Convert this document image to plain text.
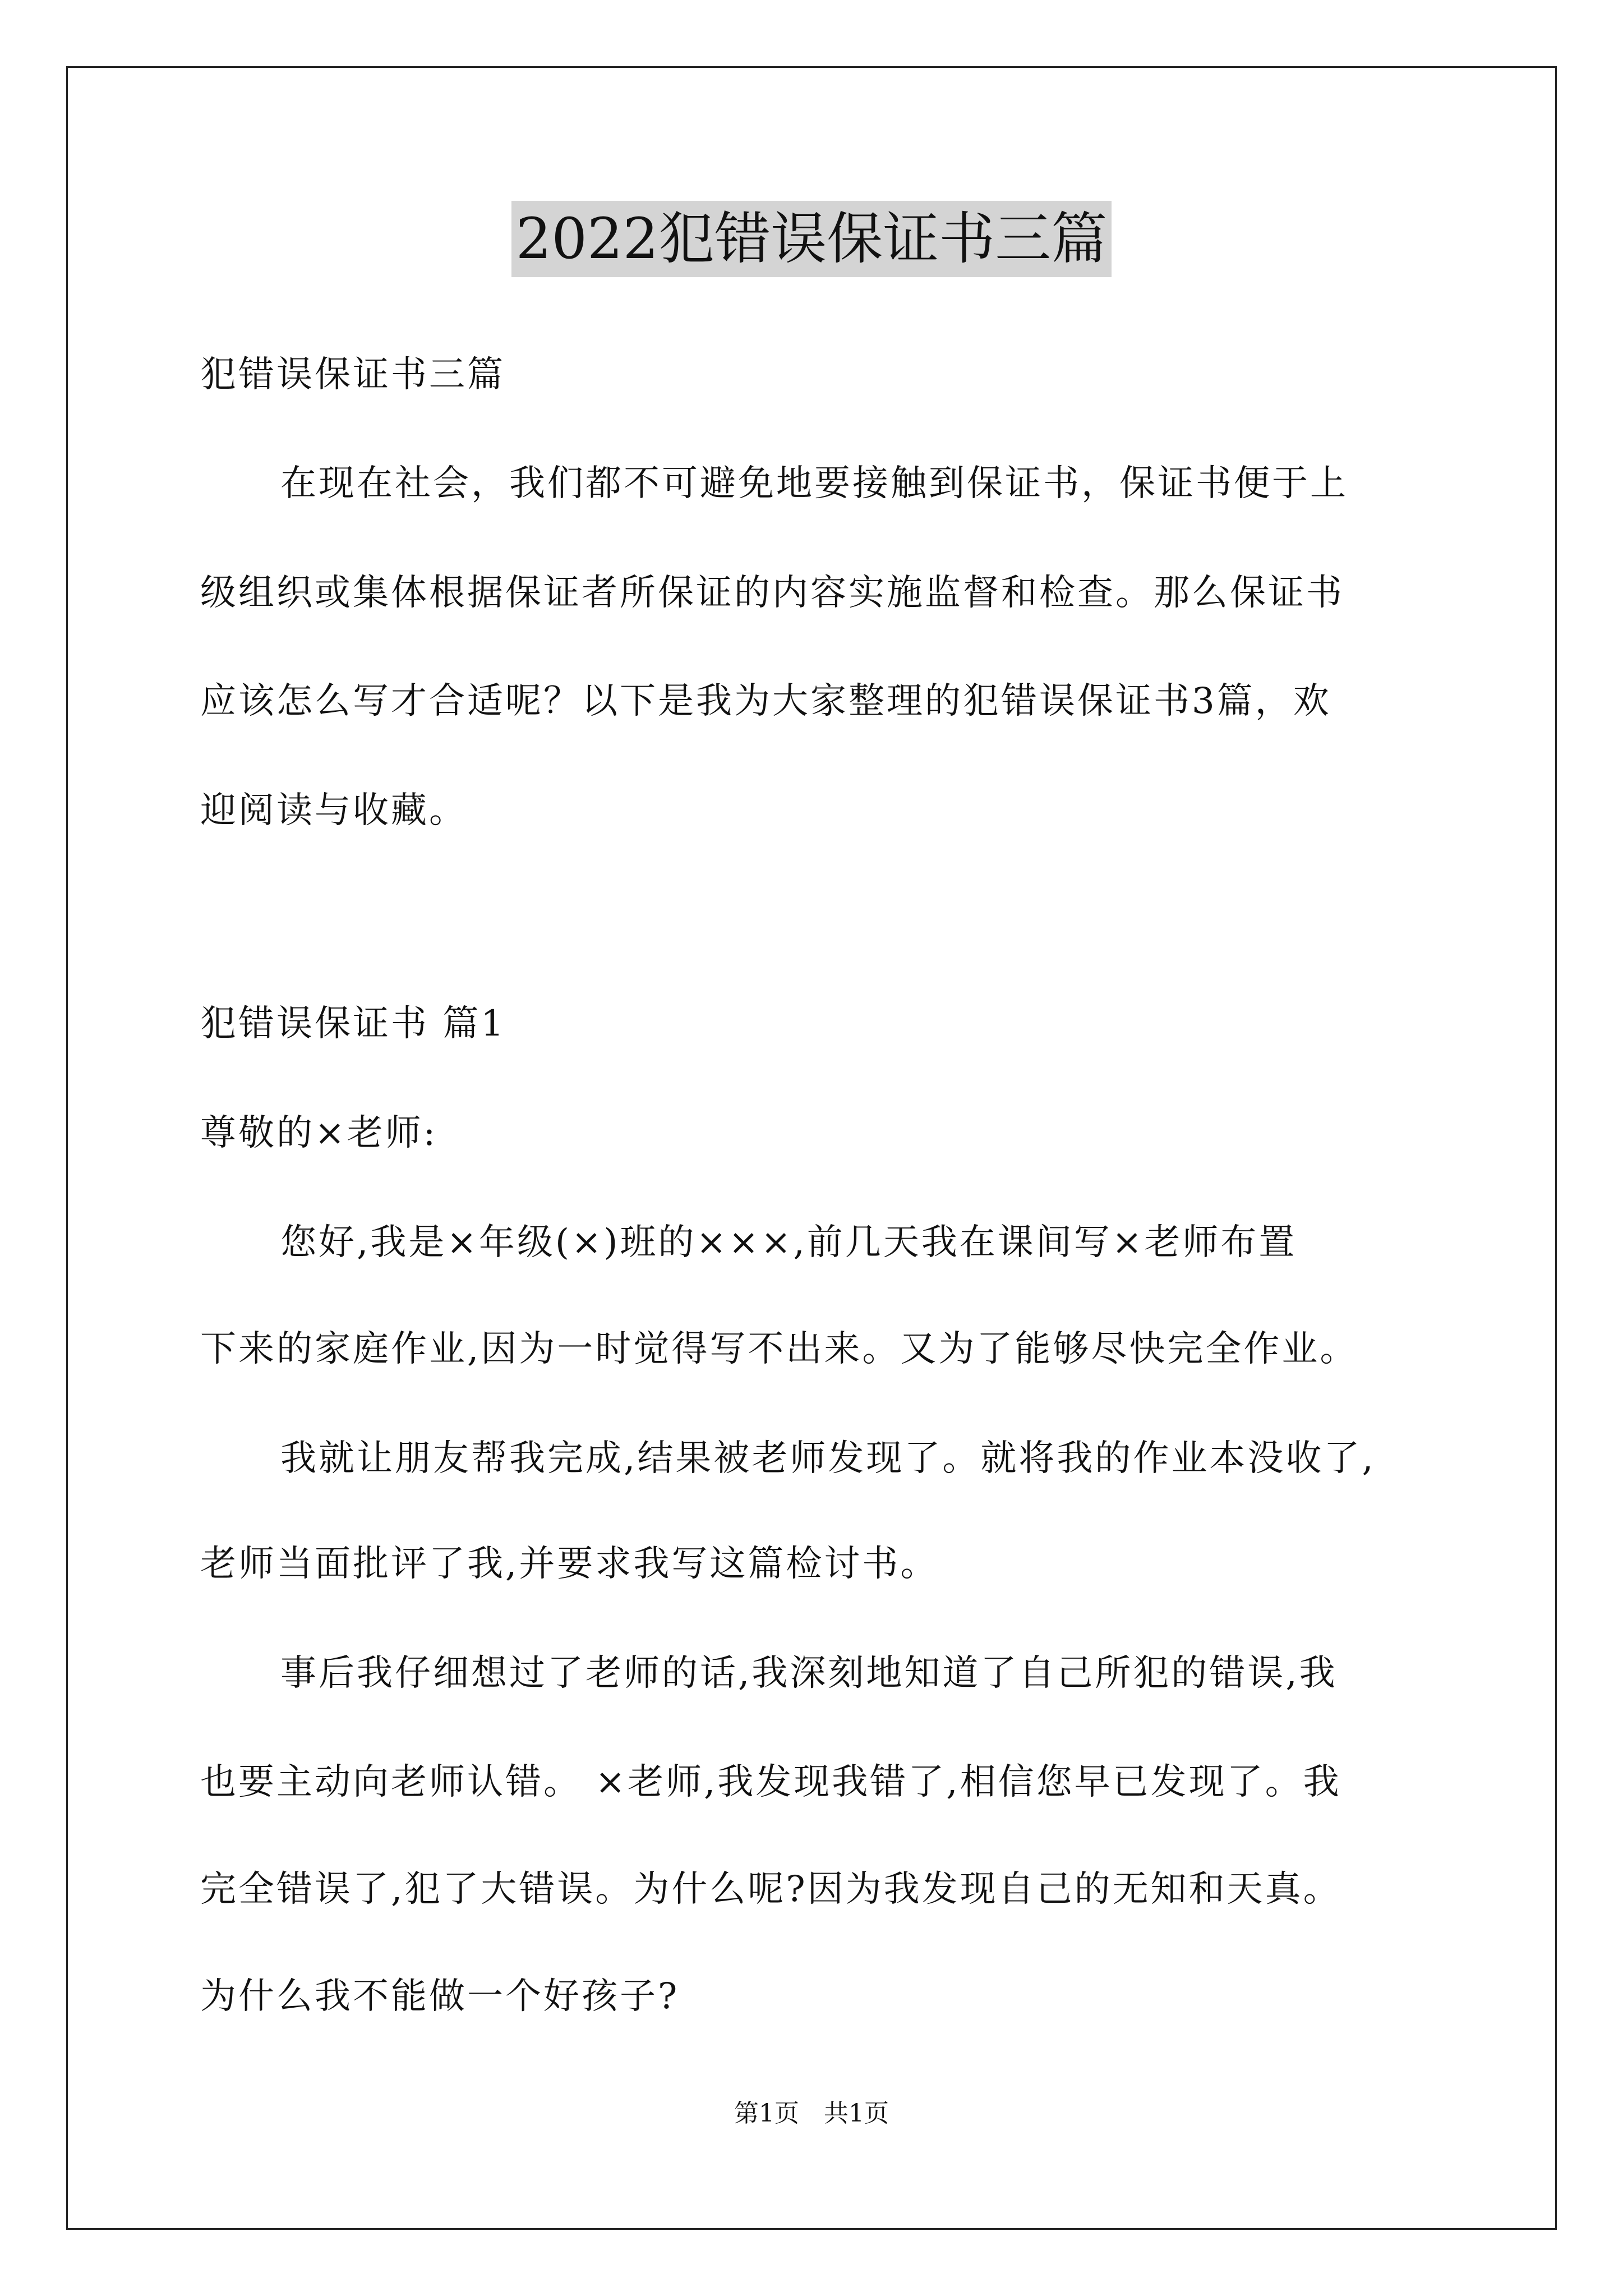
2022犯错误保证书三篇
犯错误保证书三篇
在现在社会，我们都不可避免地要接触到保证书，保证书便于上
级组织或集体根据保证者所保证的内容实施监督和检查。那么保证书
应该怎么写才合适呢？以下是我为大家整理的犯错误保证书3篇，欢
迎阅读与收藏。
犯错误保证书 篇1
尊敬的×老师:
您好,我是×年级(×)班的×××,前几天我在课间写×老师布置
下来的家庭作业,因为一时觉得写不出来。又为了能够尽快完全作业。
我就让朋友帮我完成,结果被老师发现了。就将我的作业本没收了,
老师当面批评了我,并要求我写这篇检讨书。
事后我仔细想过了老师的话,我深刻地知道了自己所犯的错误,我
也要主动向老师认错。 ×老师,我发现我错了,相信您早已发现了。我
完全错误了,犯了大错误。为什么呢?因为我发现自己的无知和天真。
为什么我不能做一个好孩子?
第1页　共1页
